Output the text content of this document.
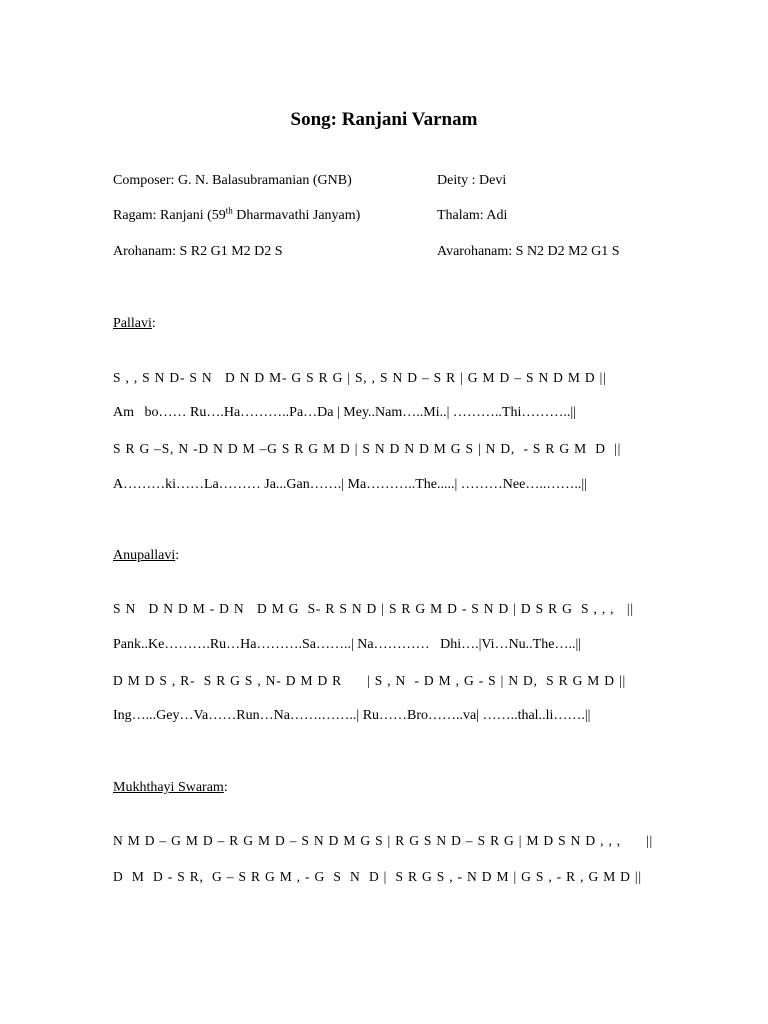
Song: Ranjani Varnam
Composer: G. N. Balasubramanian (GNB)	Deity : Devi
Ragam: Ranjani (59th Dharmavathi Janyam)	Thalam: Adi
Arohanam: S R2 G1 M2 D2 S	Avarohanam: S N2 D2 M2 G1 S
Pallavi:
S , , S N D- S N   D N D M- G S R G | S, , S N D – S R | G M D – S N D M D ||
Am   bo…… Ru….Ha………..Pa…Da | Mey..Nam…..Mi..| ………..Thi………..||
S R G –S, N -D N D M –G S R G M D | S N D N D M G S | N D,  - S R G M  D  ||
A………ki……La……… Ja...Gan…….| Ma………..The.....| ………Nee…..……..||
Anupallavi:
S N   D N D M - D N   D M G  S- R S N D | S R G M D - S N D | D S R G  S , , ,   ||
Pank..Ke……….Ru…Ha……….Sa……..| Na…………   Dhi….|Vi…Nu..The…..||
D M D S , R-  S R G S , N- D M D R      | S , N  - D M , G - S | N D,  S R G M D ||
Ing…...Gey…Va……Run…Na…….……..| Ru……Bro……..va| ……..thal..li…….||
Mukhthayi Swaram:
N M D – G M D – R G M D – S N D M G S | R G S N D – S R G | M D S N D , , ,      ||
D  M  D - S R,  G – S R G M , - G  S  N  D |  S R G S , - N D M | G S , - R , G M D ||
